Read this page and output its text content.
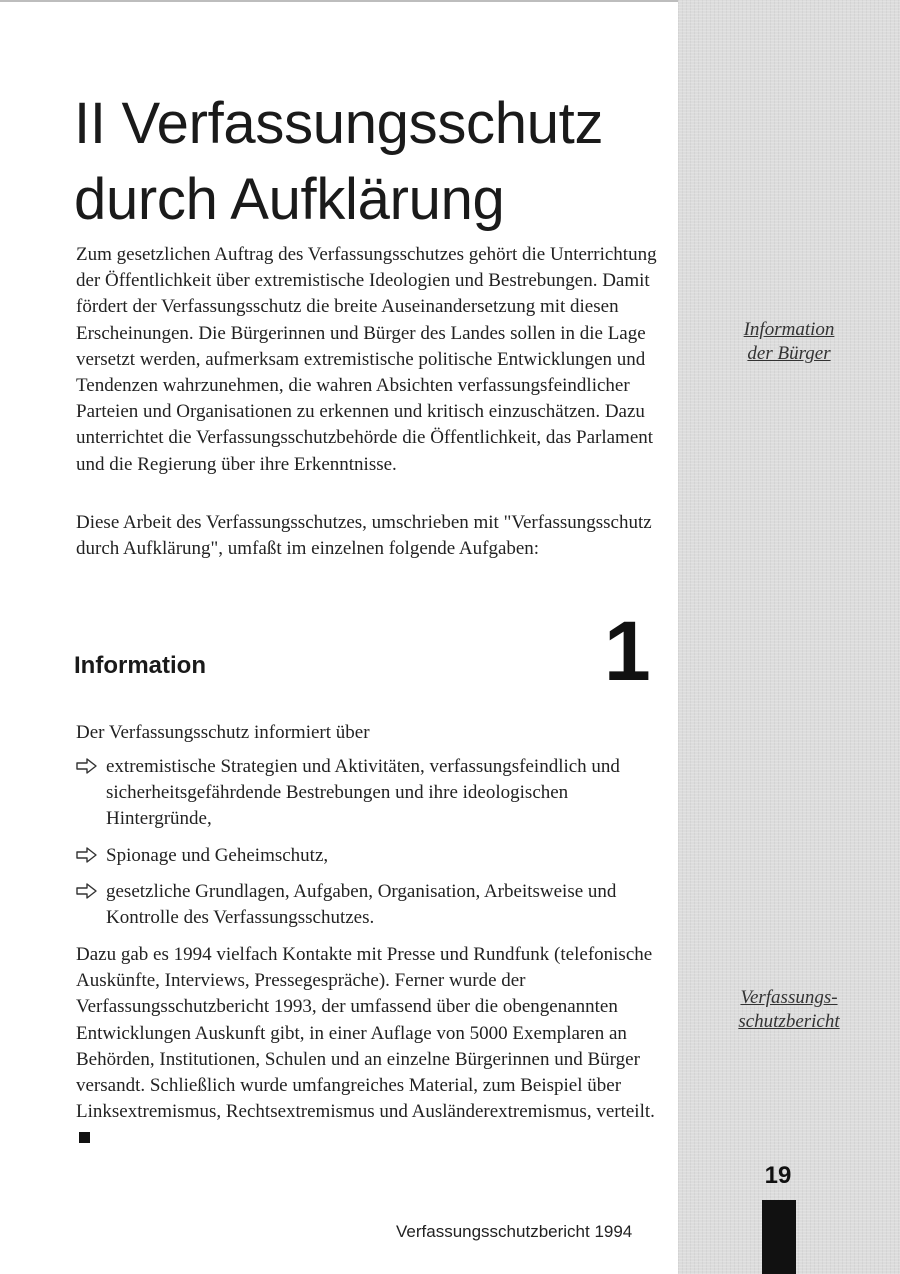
II Verfassungsschutz
durch Aufklärung

Zum gesetzlichen Auftrag des Verfassungsschutzes gehört die Unterrichtung der Öffentlichkeit über extremistische Ideologien und Bestrebungen. Damit fördert der Verfassungsschutz die breite Auseinandersetzung mit diesen Erscheinungen. Die Bürgerinnen und Bürger des Landes sollen in die Lage versetzt werden, aufmerksam extremistische politische Entwicklungen und Tendenzen wahrzunehmen, die wahren Absichten verfassungsfeindlicher Parteien und Organisationen zu erkennen und kritisch einzuschätzen. Dazu unterrichtet die Verfassungsschutzbehörde die Öffentlichkeit, das Parlament und die Regierung über ihre Erkenntnisse.

Diese Arbeit des Verfassungsschutzes, umschrieben mit "Verfassungsschutz durch Aufklärung", umfaßt im einzelnen folgende Aufgaben:

Information	1

Der Verfassungsschutz informiert über

extremistische Strategien und Aktivitäten, verfassungsfeindlich und sicherheitsgefährdende Bestrebungen und ihre ideologischen Hintergründe,
Spionage und Geheimschutz,
gesetzliche Grundlagen, Aufgaben, Organisation, Arbeitsweise und Kontrolle des Verfassungsschutzes.

Dazu gab es 1994 vielfach Kontakte mit Presse und Rundfunk (telefonische Auskünfte, Interviews, Pressegespräche). Ferner wurde der Verfassungsschutzbericht 1993, der umfassend über die obengenannten Entwicklungen Auskunft gibt, in einer Auflage von 5000 Exemplaren an Behörden, Institutionen, Schulen und an einzelne Bürgerinnen und Bürger versandt. Schließlich wurde umfangreiches Material, zum Beispiel über Linksextremismus, Rechtsextremismus und Ausländerextremismus, verteilt.

Information
der Bürger
Verfassungs-
schutzbericht
19
Verfassungsschutzbericht 1994
